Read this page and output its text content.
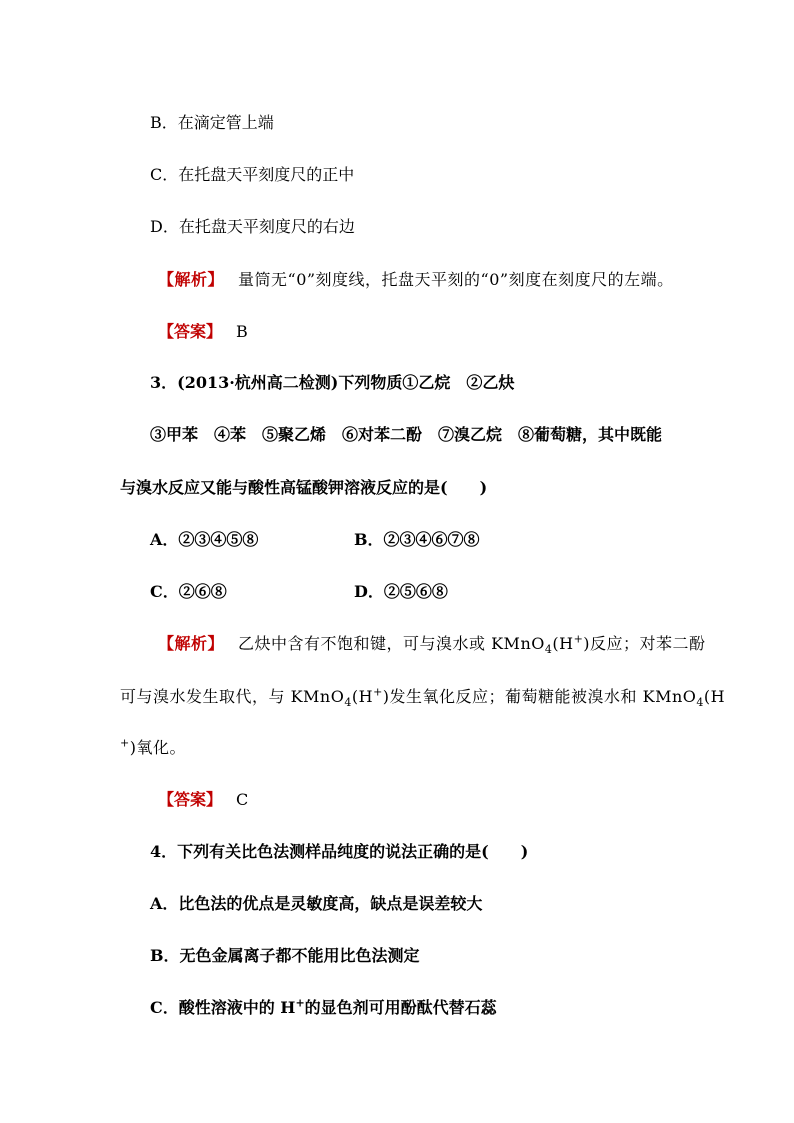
B．在滴定管上端
C．在托盘天平刻度尺的正中
D．在托盘天平刻度尺的右边
【解析】 量筒无“0”刻度线，托盘天平刻的“0”刻度在刻度尺的左端。
【答案】 B
3．(2013·杭州高二检测)下列物质①乙烷　②乙炔
③甲苯　④苯　⑤聚乙烯　⑥对苯二酚　⑦溴乙烷　⑧葡萄糖，其中既能
与溴水反应又能与酸性高锰酸钾溶液反应的是(　　)
A．②③④⑤⑧	B．②③④⑥⑦⑧
C．②⑥⑧	D．②⑤⑥⑧
【解析】 乙炔中含有不饱和键，可与溴水或 KMnO$_4$(H+)反应；对苯二酚
可与溴水发生取代，与 KMnO$_4$(H+)发生氧化反应；葡萄糖能被溴水和 KMnO$_4$(H
+)氧化。
【答案】 C
4．下列有关比色法测样品纯度的说法正确的是(　　)
A．比色法的优点是灵敏度高，缺点是误差较大
B．无色金属离子都不能用比色法测定
C．酸性溶液中的 H+的显色剂可用酚酞代替石蕊
